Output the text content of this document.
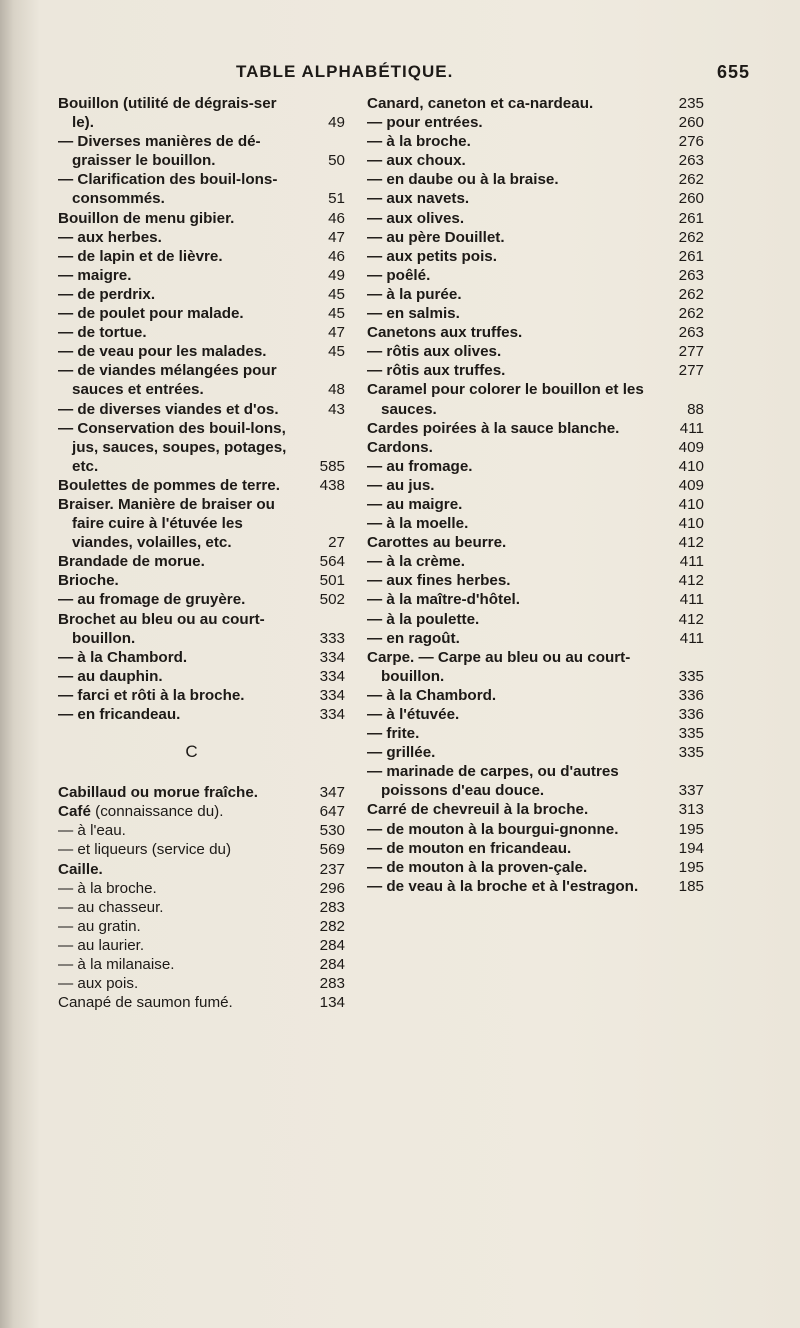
TABLE ALPHABÉTIQUE.	655
Bouillon (utilité de dégrais-ser le).	49
— Diverses manières de dé-graisser le bouillon.	50
— Clarification des bouil-lons-consommés.	51
Bouillon de menu gibier.	46
— aux herbes.	47
— de lapin et de lièvre.	46
— maigre.	49
— de perdrix.	45
— de poulet pour malade.	45
— de tortue.	47
— de veau pour les malades.	45
— de viandes mélangées pour sauces et entrées.	48
— de diverses viandes et d'os.	43
— Conservation des bouil-lons, jus, sauces, soupes, potages, etc.	585
Boulettes de pommes de terre.	438
Braiser. Manière de braiser ou faire cuire à l'étuvée les viandes, volailles, etc.	27
Brandade de morue.	564
Brioche.	501
— au fromage de gruyère.	502
Brochet au bleu ou au court-bouillon.	333
— à la Chambord.	334
— au dauphin.	334
— farci et rôti à la broche.	334
— en fricandeau.	334
C
Cabillaud ou morue fraîche.	347
Café (connaissance du).	647
— à l'eau.	530
— et liqueurs (service du)	569
Caille.	237
— à la broche.	296
— au chasseur.	283
— au gratin.	282
— au laurier.	284
— à la milanaise.	284
— aux pois.	283
Canapé de saumon fumé.	134
Canard, caneton et ca-nardeau.	235
— pour entrées.	260
— à la broche.	276
— aux choux.	263
— en daube ou à la braise.	262
— aux navets.	260
— aux olives.	261
— au père Douillet.	262
— aux petits pois.	261
— poêlé.	263
— à la purée.	262
— en salmis.	262
Canetons aux truffes.	263
— rôtis aux olives.	277
— rôtis aux truffes.	277
Caramel pour colorer le bouillon et les sauces.	88
Cardes poirées à la sauce blanche.	411
Cardons.	409
— au fromage.	410
— au jus.	409
— au maigre.	410
— à la moelle.	410
Carottes au beurre.	412
— à la crème.	411
— aux fines herbes.	412
— à la maître-d'hôtel.	411
— à la poulette.	412
— en ragoût.	411
Carpe. — Carpe au bleu ou au court-bouillon.	335
— à la Chambord.	336
— à l'étuvée.	336
— frite.	335
— grillée.	335
— marinade de carpes, ou d'autres poissons d'eau douce.	337
Carré de chevreuil à la broche.	313
— de mouton à la bourgui-gnonne.	195
— de mouton en fricandeau.	194
— de mouton à la proven-çale.	195
— de veau à la broche et à l'estragon.	185
